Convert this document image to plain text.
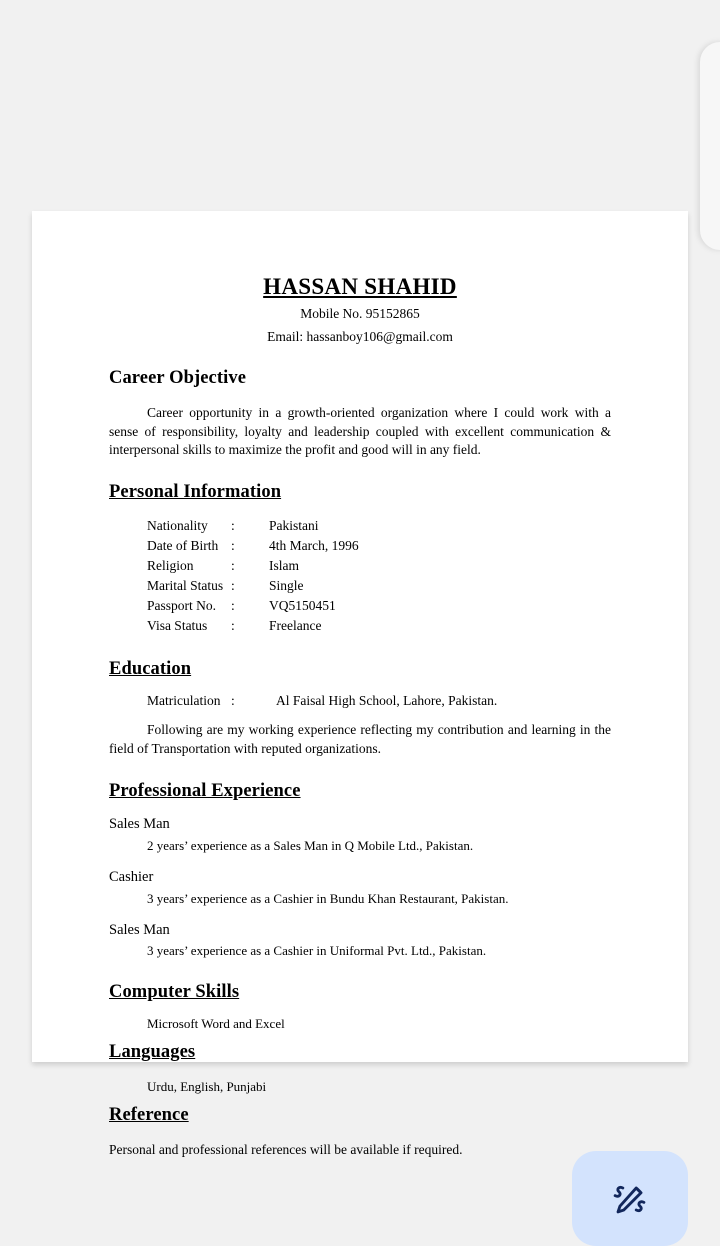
HASSAN SHAHID
Mobile No. 95152865
Email: hassanboy106@gmail.com
Career Objective

Career opportunity in a growth-oriented organization where I could work with a sense of responsibility, loyalty and leadership coupled with excellent communication & interpersonal skills to maximize the profit and good will in any field.

Personal Information
Nationality	:	Pakistani
Date of Birth	:	4th March, 1996
Religion	:	Islam
Marital Status	:	Single
Passport No.	:	VQ5150451
Visa Status	:	Freelance
Education
Matriculation :	Al Faisal High School, Lahore, Pakistan.

Following are my working experience reflecting my contribution and learning in the field of Transportation with reputed organizations.

Professional Experience
Sales Man
2 years’ experience as a Sales Man in Q Mobile Ltd., Pakistan.
Cashier
3 years’ experience as a Cashier in Bundu Khan Restaurant, Pakistan.
Sales Man
3 years’ experience as a Cashier in Uniformal Pvt. Ltd., Pakistan.
Computer Skills
Microsoft Word and Excel
Languages
Urdu, English, Punjabi
Reference
Personal and professional references will be available if required.
